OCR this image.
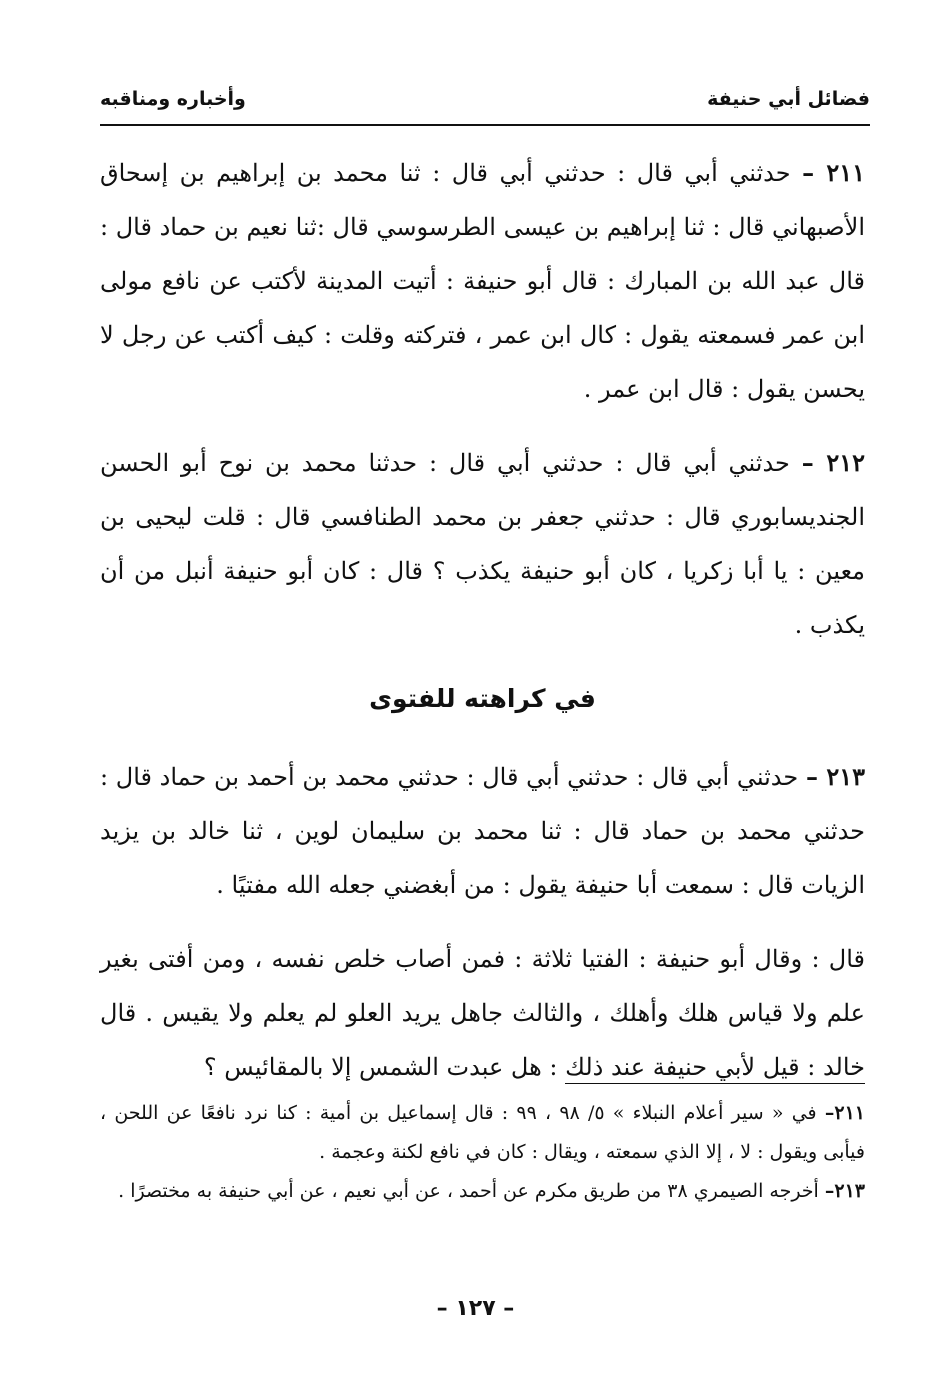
فضائل أبي حنيفة
وأخباره ومناقبه

٢١١ – حدثني أبي قال : حدثني أبي قال : ثنا محمد بن إبراهيم بن إسحاق الأصبهاني قال : ثنا إبراهيم بن عيسى الطرسوسي قال :ثنا نعيم بن حماد قال : قال عبد الله بن المبارك : قال أبو حنيفة : أتيت المدينة لأكتب عن نافع مولى ابن عمر فسمعته يقول : كال ابن عمر ، فتركته وقلت : كيف أكتب عن رجل لا يحسن يقول : قال ابن عمر .

٢١٢ – حدثني أبي قال : حدثني أبي قال : حدثنا محمد بن نوح أبو الحسن الجنديسابوري قال : حدثني جعفر بن محمد الطنافسي قال : قلت ليحيى بن معين : يا أبا زكريا ، كان أبو حنيفة يكذب ؟ قال : كان أبو حنيفة أنبل من أن يكذب .

في كراهته للفتوى

٢١٣ – حدثني أبي قال : حدثني أبي قال : حدثني محمد بن أحمد بن حماد قال : حدثني محمد بن حماد قال : ثنا محمد بن سليمان لوين ، ثنا خالد بن يزيد الزيات قال : سمعت أبا حنيفة يقول : من أبغضني جعله الله مفتيًا .

قال : وقال أبو حنيفة : الفتيا ثلاثة : فمن أصاب خلص نفسه ، ومن أفتى بغير علم ولا قياس هلك وأهلك ، والثالث جاهل يريد العلو لم يعلم ولا يقيس . قال خالد : قيل لأبي حنيفة عند ذلك : هل عبدت الشمس إلا بالمقائيس ؟

٢١١– في « سير أعلام النبلاء » ٥/ ٩٨ ، ٩٩ : قال إسماعيل بن أمية : كنا نرد نافعًا عن اللحن ، فيأبى ويقول : لا ، إلا الذي سمعته ، ويقال : كان في نافع لكنة وعجمة .

٢١٣– أخرجه الصيمري ٣٨ من طريق مكرم عن أحمد ، عن أبي نعيم ، عن أبي حنيفة به مختصرًا .

– ١٢٧ –
